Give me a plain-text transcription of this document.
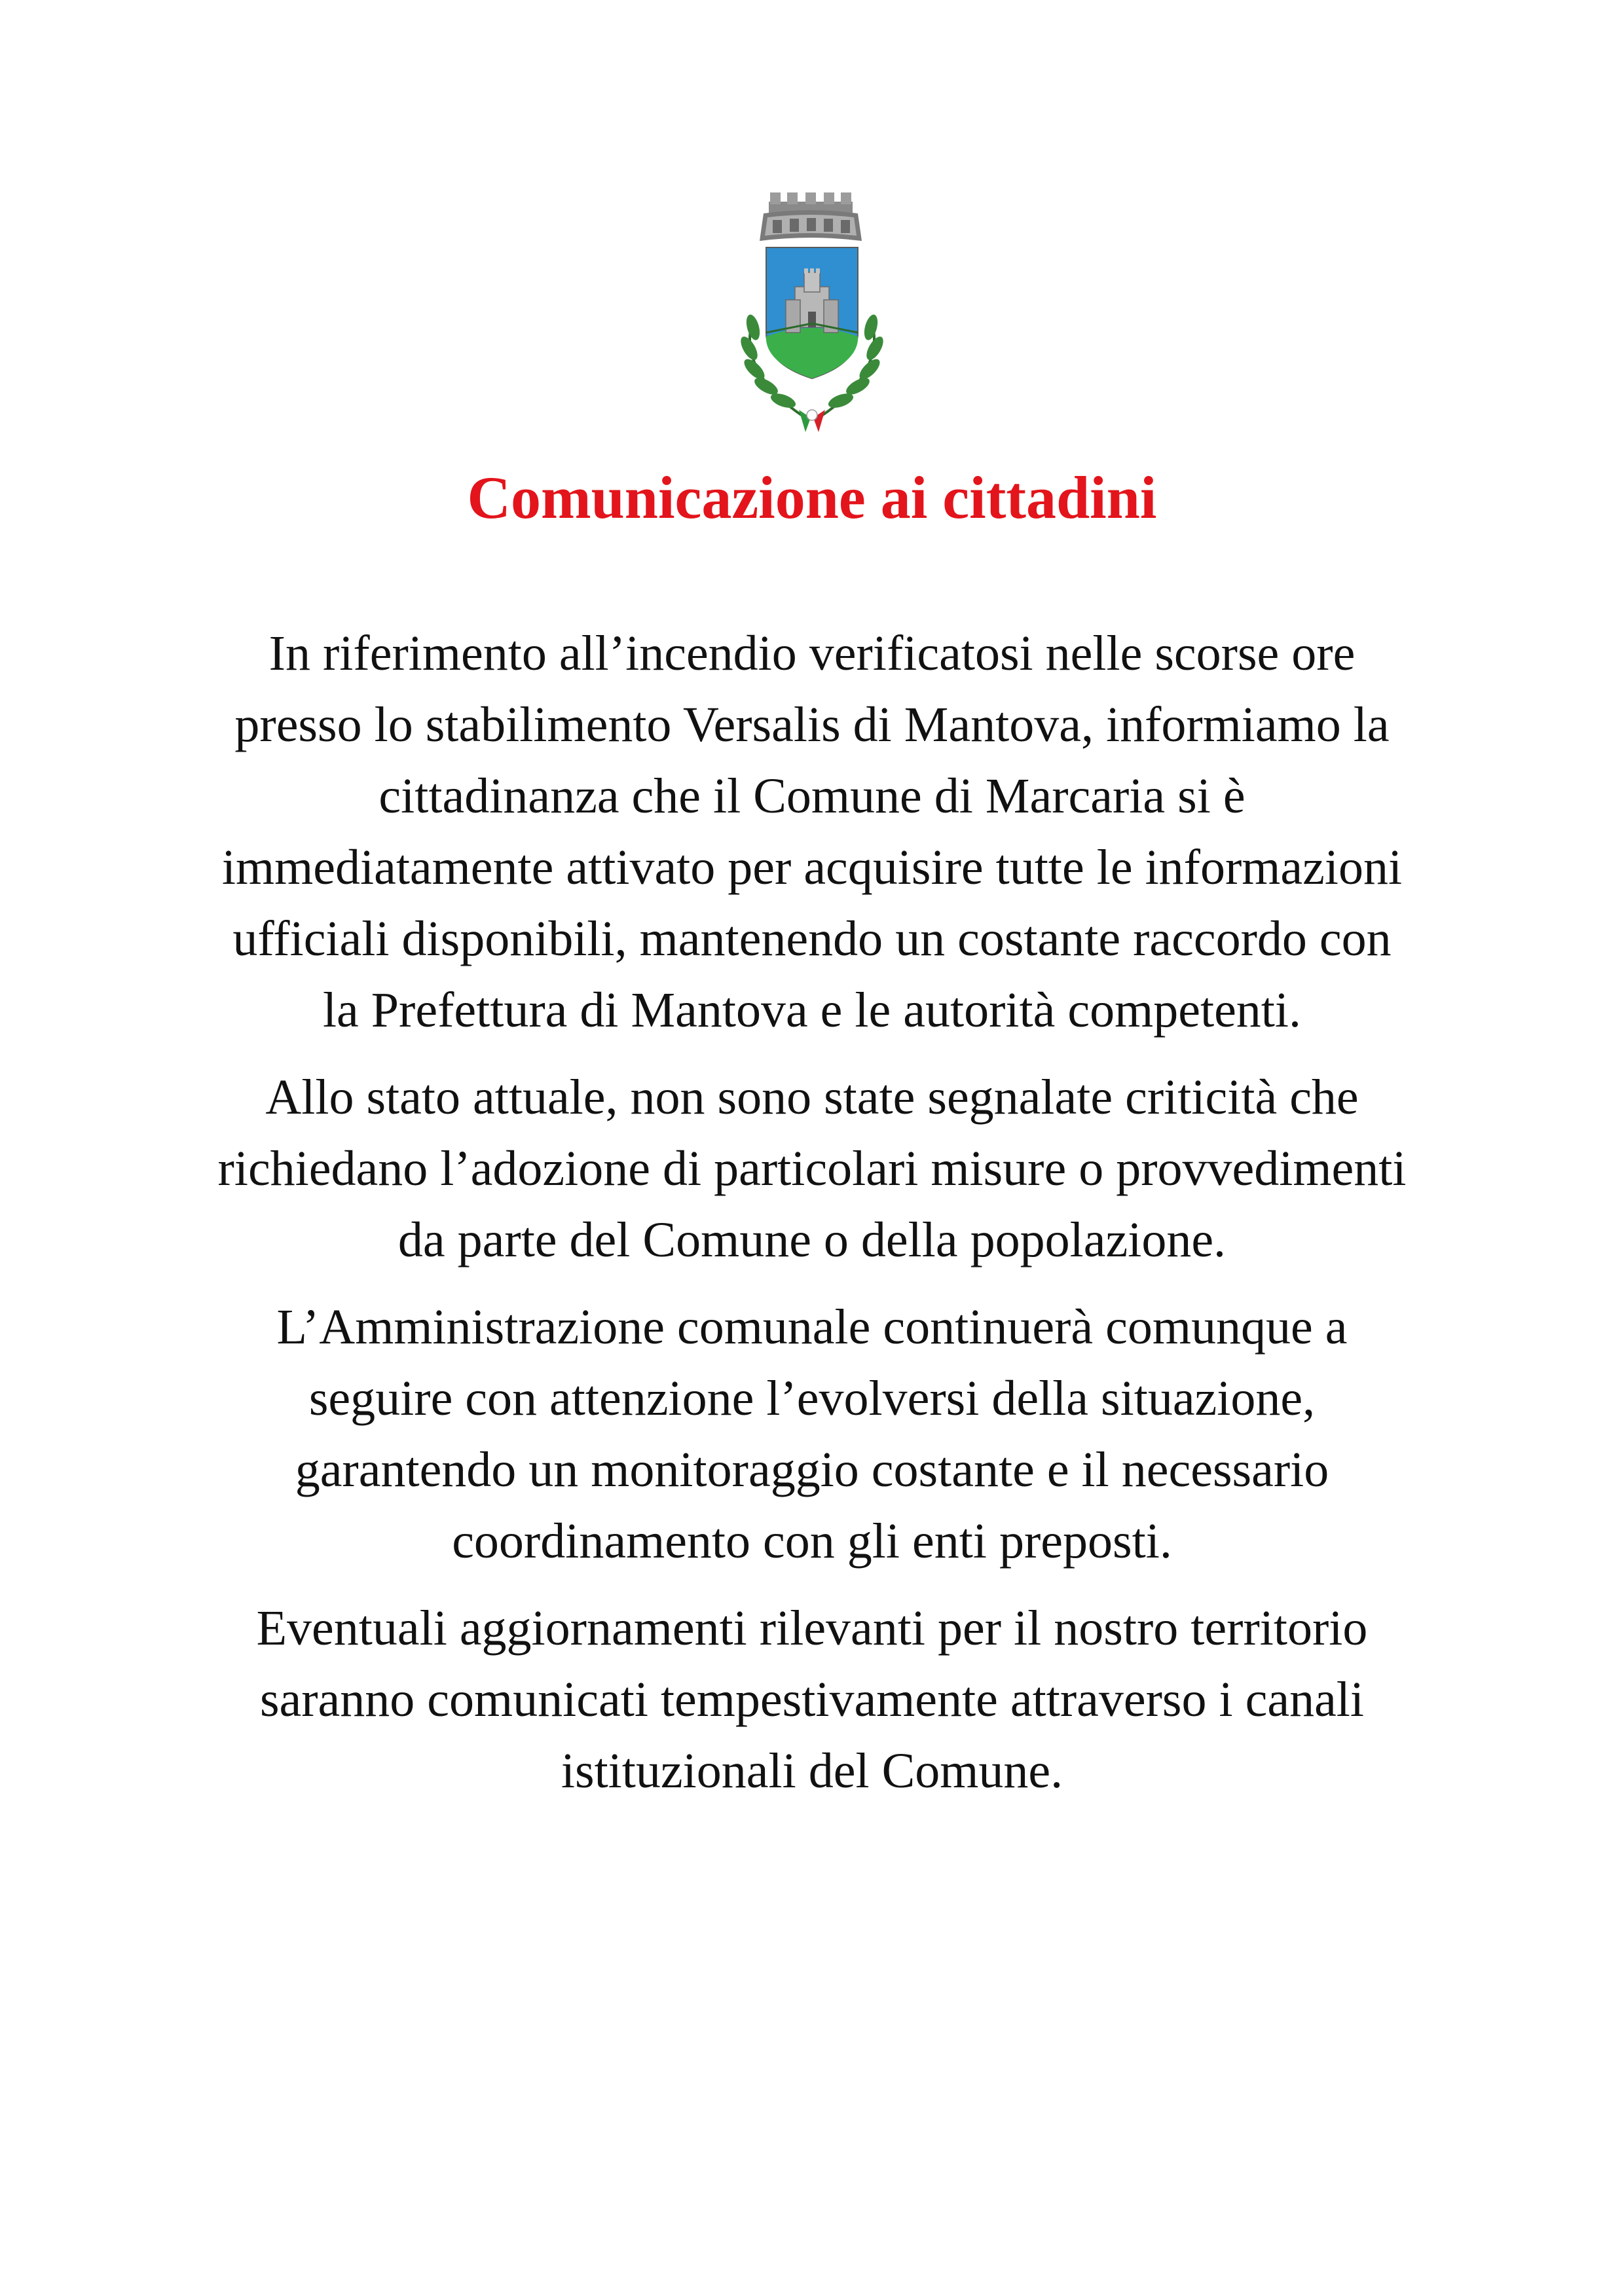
Comunicazione ai cittadini

In riferimento all’incendio verificatosi nelle scorse ore
presso lo stabilimento Versalis di Mantova, informiamo la
cittadinanza che il Comune di Marcaria si è
immediatamente attivato per acquisire tutte le informazioni
ufficiali disponibili, mantenendo un costante raccordo con
la Prefettura di Mantova e le autorità competenti.

Allo stato attuale, non sono state segnalate criticità che
richiedano l’adozione di particolari misure o provvedimenti
da parte del Comune o della popolazione.

L’Amministrazione comunale continuerà comunque a
seguire con attenzione l’evolversi della situazione,
garantendo un monitoraggio costante e il necessario
coordinamento con gli enti preposti.

Eventuali aggiornamenti rilevanti per il nostro territorio
saranno comunicati tempestivamente attraverso i canali
istituzionali del Comune.
